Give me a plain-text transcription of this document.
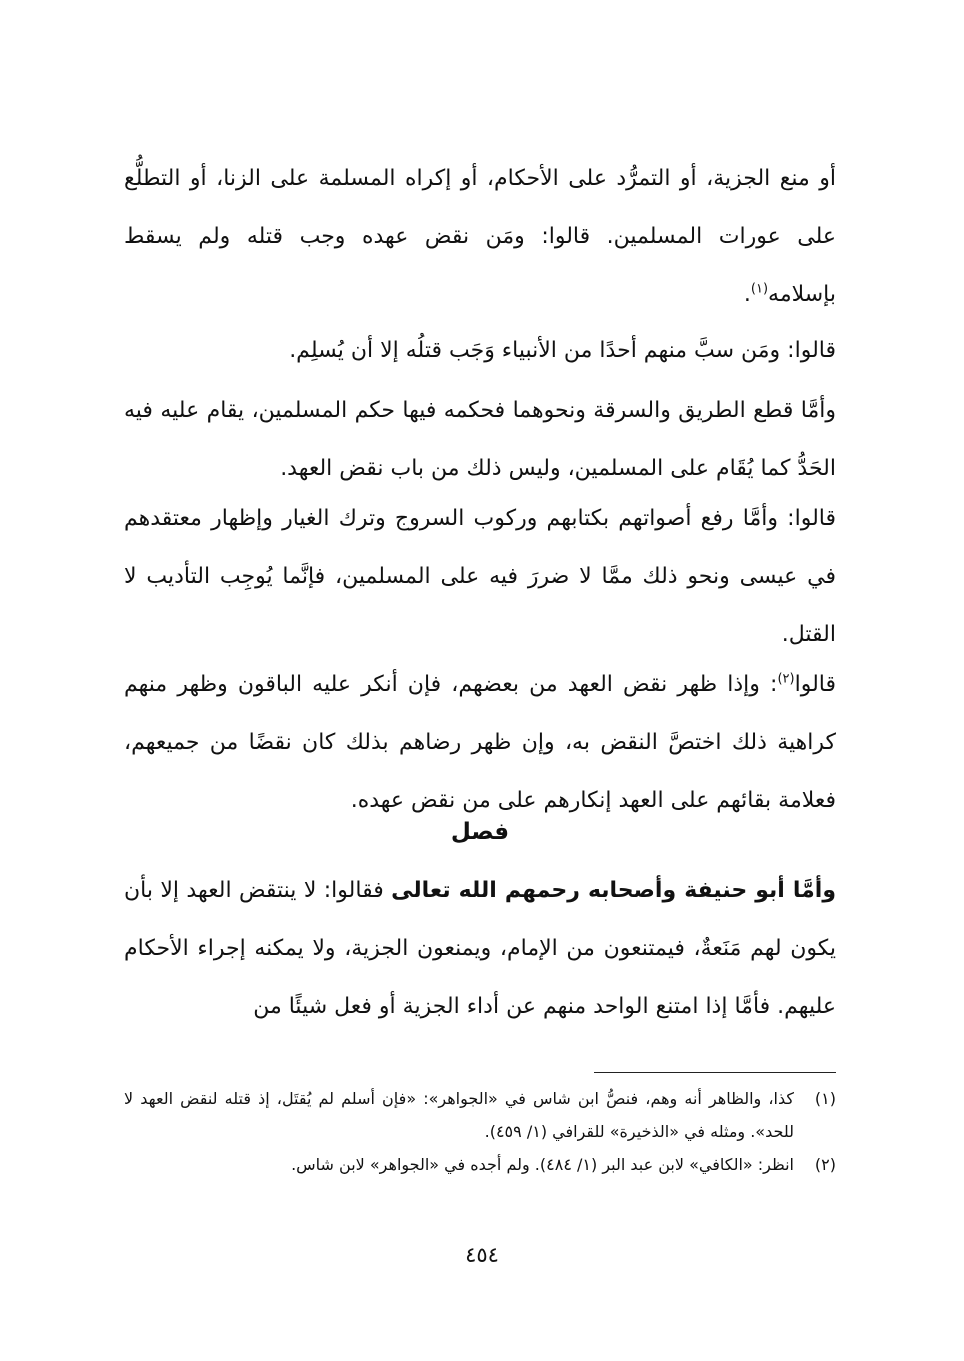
أو منع الجزية، أو التمرُّد على الأحكام، أو إكراه المسلمة على الزنا، أو التطلُّع على عورات المسلمين. قالوا: ومَن نقض عهده وجب قتله ولم يسقط بإسلامه$^{(١)}$.

قالوا: ومَن سبَّ منهم أحدًا من الأنبياء وَجَب قتلُه إلا أن يُسلِم.

وأمَّا قطع الطريق والسرقة ونحوهما فحكمه فيها حكم المسلمين، يقام عليه فيه الحَدُّ كما يُقَام على المسلمين، وليس ذلك من باب نقض العهد.

قالوا: وأمَّا رفع أصواتهم بكتابهم وركوب السروج وترك الغيار وإظهار معتقدهم في عيسى ونحو ذلك ممَّا لا ضررَ فيه على المسلمين، فإنَّما يُوجِب التأديب لا القتل.

قالوا$^{(٢)}$: وإذا ظهر نقض العهد من بعضهم، فإن أنكر عليه الباقون وظهر منهم كراهية ذلك اختصَّ النقض به، وإن ظهر رضاهم بذلك كان نقضًا من جميعهم، فعلامة بقائهم على العهد إنكارهم على من نقض عهده.

فصل

وأمَّا أبو حنيفة وأصحابه رحمهم الله تعالى فقالوا: لا ينتقض العهد إلا بأن يكون لهم مَنَعةٌ، فيمتنعون من الإمام، ويمنعون الجزية، ولا يمكنه إجراء الأحكام عليهم. فأمَّا إذا امتنع الواحد منهم عن أداء الجزية أو فعل شيئًا من

(١)
كذا، والظاهر أنه وهم، فنصُّ ابن شاس في «الجواهر»: «فإن أسلم لم يُقتَل، إذ قتله لنقض العهد لا للحد». ومثله في «الذخيرة» للقرافي (١/ ٤٥٩).
(٢)
انظر: «الكافي» لابن عبد البر (١/ ٤٨٤). ولم أجده في «الجواهر» لابن شاس.
٤٥٤
